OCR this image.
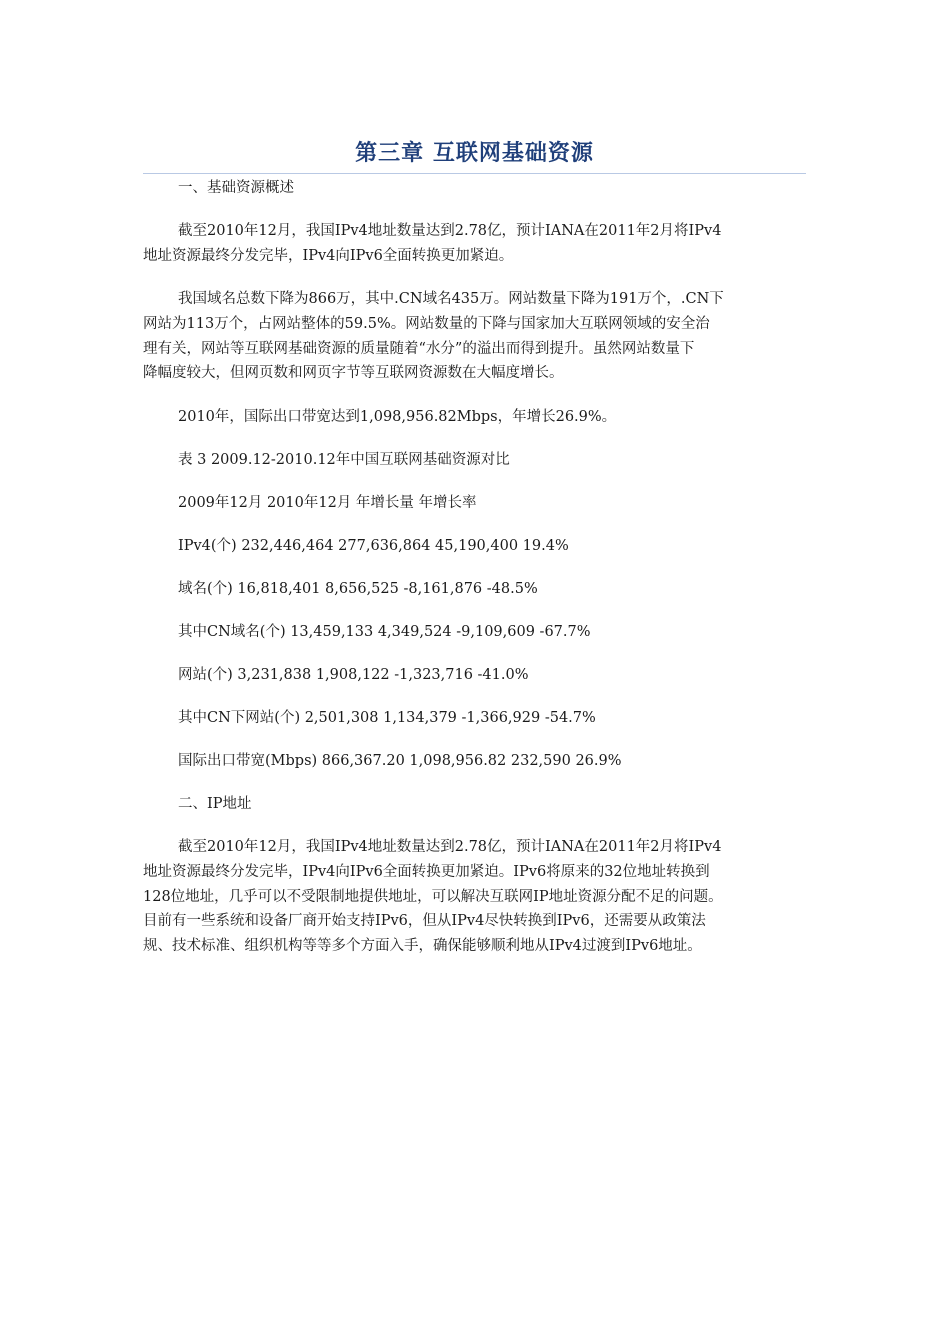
第三章 互联网基础资源
一、基础资源概述
截至2010年12月，我国IPv4地址数量达到2.78亿，预计IANA在2011年2月将IPv4
地址资源最终分发完毕，IPv4向IPv6全面转换更加紧迫。
我国域名总数下降为866万，其中.CN域名435万。网站数量下降为191万个，.CN下
网站为113万个，占网站整体的59.5%。网站数量的下降与国家加大互联网领域的安全治
理有关，网站等互联网基础资源的质量随着“水分”的溢出而得到提升。虽然网站数量下
降幅度较大，但网页数和网页字节等互联网资源数在大幅度增长。
2010年，国际出口带宽达到1,098,956.82Mbps，年增长26.9%。
表 3 2009.12-2010.12年中国互联网基础资源对比
2009年12月 2010年12月 年增长量 年增长率
IPv4(个) 232,446,464 277,636,864 45,190,400 19.4%
域名(个) 16,818,401 8,656,525 -8,161,876 -48.5%
其中CN域名(个) 13,459,133 4,349,524 -9,109,609 -67.7%
网站(个) 3,231,838 1,908,122 -1,323,716 -41.0%
其中CN下网站(个) 2,501,308 1,134,379 -1,366,929 -54.7%
国际出口带宽(Mbps) 866,367.20 1,098,956.82 232,590 26.9%
二、IP地址
截至2010年12月，我国IPv4地址数量达到2.78亿，预计IANA在2011年2月将IPv4
地址资源最终分发完毕，IPv4向IPv6全面转换更加紧迫。IPv6将原来的32位地址转换到
128位地址，几乎可以不受限制地提供地址，可以解决互联网IP地址资源分配不足的问题。
目前有一些系统和设备厂商开始支持IPv6，但从IPv4尽快转换到IPv6，还需要从政策法
规、技术标准、组织机构等等多个方面入手，确保能够顺利地从IPv4过渡到IPv6地址。
